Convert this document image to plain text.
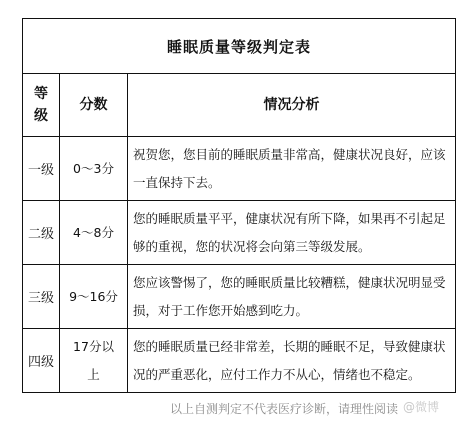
睡眠质量等级判定表		

等级	分数	情况分析
一级	0～3分	祝贺您，您目前的睡眠质量非常高，健康状况良好，应该一直保持下去。
二级	4～8分	您的睡眠质量平平，健康状况有所下降，如果再不引起足够的重视，您的状况将会向第三等级发展。
三级	9～16分	您应该警惕了，您的睡眠质量比较糟糕，健康状况明显受损，对于工作您开始感到吃力。
四级	17分以上	您的睡眠质量已经非常差，长期的睡眠不足，导致健康状况的严重恶化，应付工作力不从心，情绪也不稳定。
以上自测判定不代表医疗诊断，请理性阅读 @微博
